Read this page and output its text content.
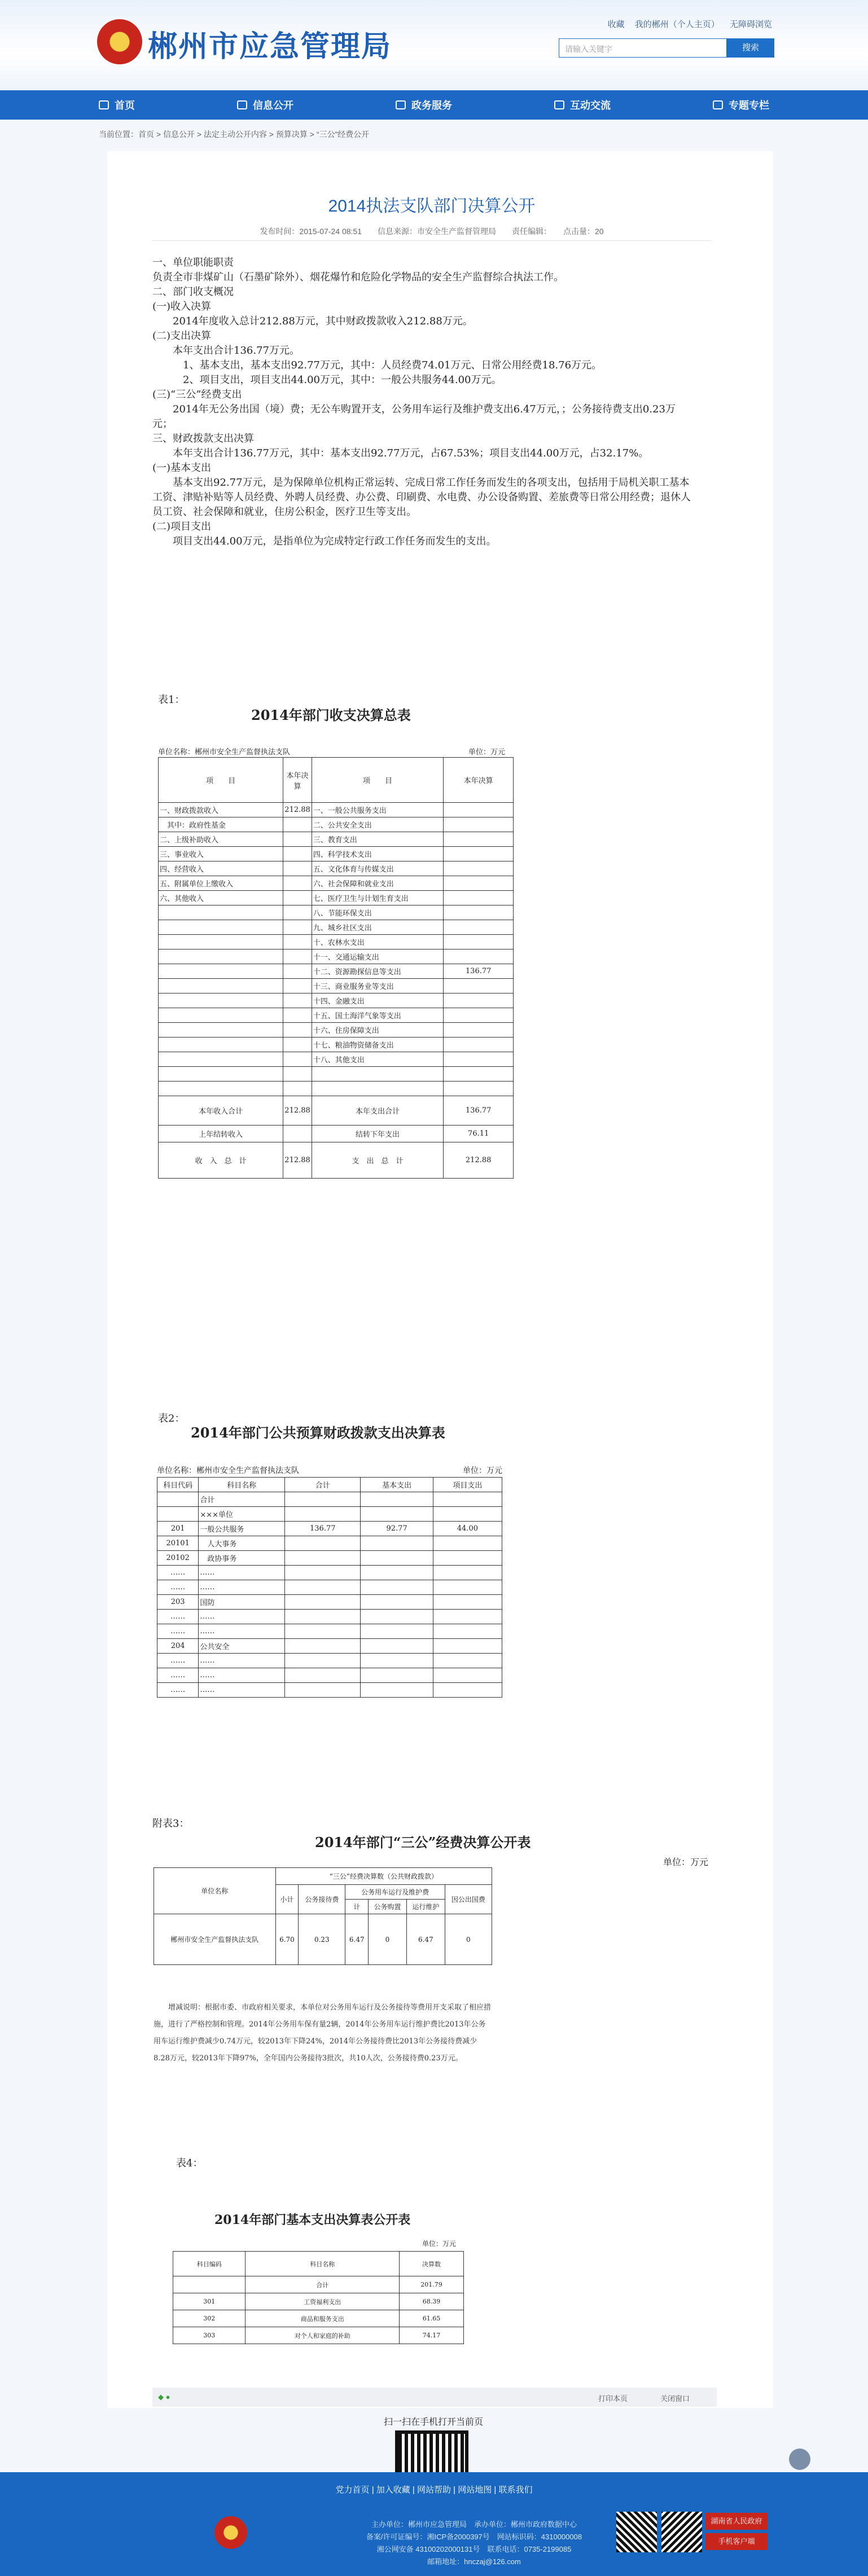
郴州市应急管理局
收藏 我的郴州（个人主页） 无障碍浏览
请输入关键字	搜索
首页	信息公开	政务服务	互动交流	专题专栏
当前位置：首页 > 信息公开 > 法定主动公开内容 > 预算决算 > “三公”经费公开
2014执法支队部门决算公开
发布时间：2015-07-24 08:51　　信息来源：市安全生产监督管理局　　责任编辑：　　点击量：20

一、单位职能职责

负责全市非煤矿山（石墨矿除外）、烟花爆竹和危险化学物品的安全生产监督综合执法工作。

二、部门收支概况

(一)收入决算

　　2014年度收入总计212.88万元，其中财政拨款收入212.88万元。

(二)支出决算

　　本年支出合计136.77万元。

　　　1、基本支出，基本支出92.77万元，其中：人员经费74.01万元、日常公用经费18.76万元。

　　　2、项目支出，项目支出44.00万元，其中：一般公共服务44.00万元。

(三)“三公”经费支出

　　2014年无公务出国（境）费；无公车购置开支，公务用车运行及维护费支出6.47万元，；公务接待费支出0.23万元；

三、财政拨款支出决算

　　本年支出合计136.77万元，其中：基本支出92.77万元，占67.53%；项目支出44.00万元，占32.17%。

(一)基本支出

　　基本支出92.77万元，是为保障单位机构正常运转、完成日常工作任务而发生的各项支出，包括用于局机关职工基本工资、津贴补贴等人员经费、外聘人员经费、办公费、印刷费、水电费、办公设备购置、差旅费等日常公用经费；退休人员工资、社会保障和就业，住房公积金，医疗卫生等支出。

(二)项目支出

　　项目支出44.00万元，是指单位为完成特定行政工作任务而发生的支出。

表1：
2014年部门收支决算总表
单位名称：郴州市安全生产监督执法支队	单位：万元
项　　目	本年决算	项　　目	本年决算
一、财政拨款收入	212.88	一、一般公共服务支出	
　其中：政府性基金		二、公共安全支出	
二、上级补助收入		三、教育支出	
三、事业收入		四、科学技术支出	
四、经营收入		五、文化体育与传媒支出	
五、附属单位上缴收入		六、社会保障和就业支出	
六、其他收入		七、医疗卫生与计划生育支出	
		八、节能环保支出	
		九、城乡社区支出	
		十、农林水支出	
		十一、交通运输支出	
		十二、资源勘探信息等支出	136.77
		十三、商业服务业等支出	
		十四、金融支出	
		十五、国土海洋气象等支出	
		十六、住房保障支出	
		十七、粮油物资储备支出	
		十八、其他支出	

本年收入合计	212.88	本年支出合计	136.77
上年结转收入		结转下年支出	76.11
收　入　总　计	212.88	支　出　总　计	212.88
表2：
2014年部门公共预算财政拨款支出决算表
单位名称：郴州市安全生产监督执法支队	单位：万元
科目代码	科目名称	合计	基本支出	项目支出
	合计			
	×××单位			
201	一般公共服务	136.77	92.77	44.00
20101	　人大事务			
20102	　政协事务			
……	……			
……	……			
203	国防			
……	……			
……	……			
204	公共安全			
……	……			
……	……			
……	……			
附表3：
2014年部门“三公”经费决算公开表
单位：万元
单位名称	“三公”经费决算数（公共财政拨款）					
	小计	公务接待费	公务用车运行及维护费			因公出国费
			计	公务购置	运行维护	
郴州市安全生产监督执法支队	6.70	0.23	6.47	0	6.47	0
　　增减说明：根据市委、市政府相关要求，本单位对公务用车运行及公务接待等费用开支采取了相应措施，进行了严格控制和管理。2014年公务用车保有量2辆，2014年公务用车运行维护费比2013年公务用车运行维护费减少0.74万元，较2013年下降24%，2014年公务接待费比2013年公务接待费减少8.28万元，较2013年下降97%，全年国内公务接待3批次，共10人次，公务接待费0.23万元。
表4：
2014年部门基本支出决算表公开表
单位：万元
科目编码	科目名称	决算数
	合计	201.79
301	工资福利支出	68.39
302	商品和服务支出	61.65
303	对个人和家庭的补助	74.17
扫一扫在手机打开当前页
◆ ●	打印本页	关闭窗口
党力首页 | 加入收藏 | 网站帮助 | 网站地图 | 联系我们
主办单位：郴州市应急管理局　承办单位：郴州市政府数据中心
备案/许可证编号：湘ICP备2000397号　网站标识码：4310000008
湘公网安备 43100202000131号　联系电话：0735-2199085
邮箱地址：hnczaj@126.com
湖南省人民政府
手机客户端
